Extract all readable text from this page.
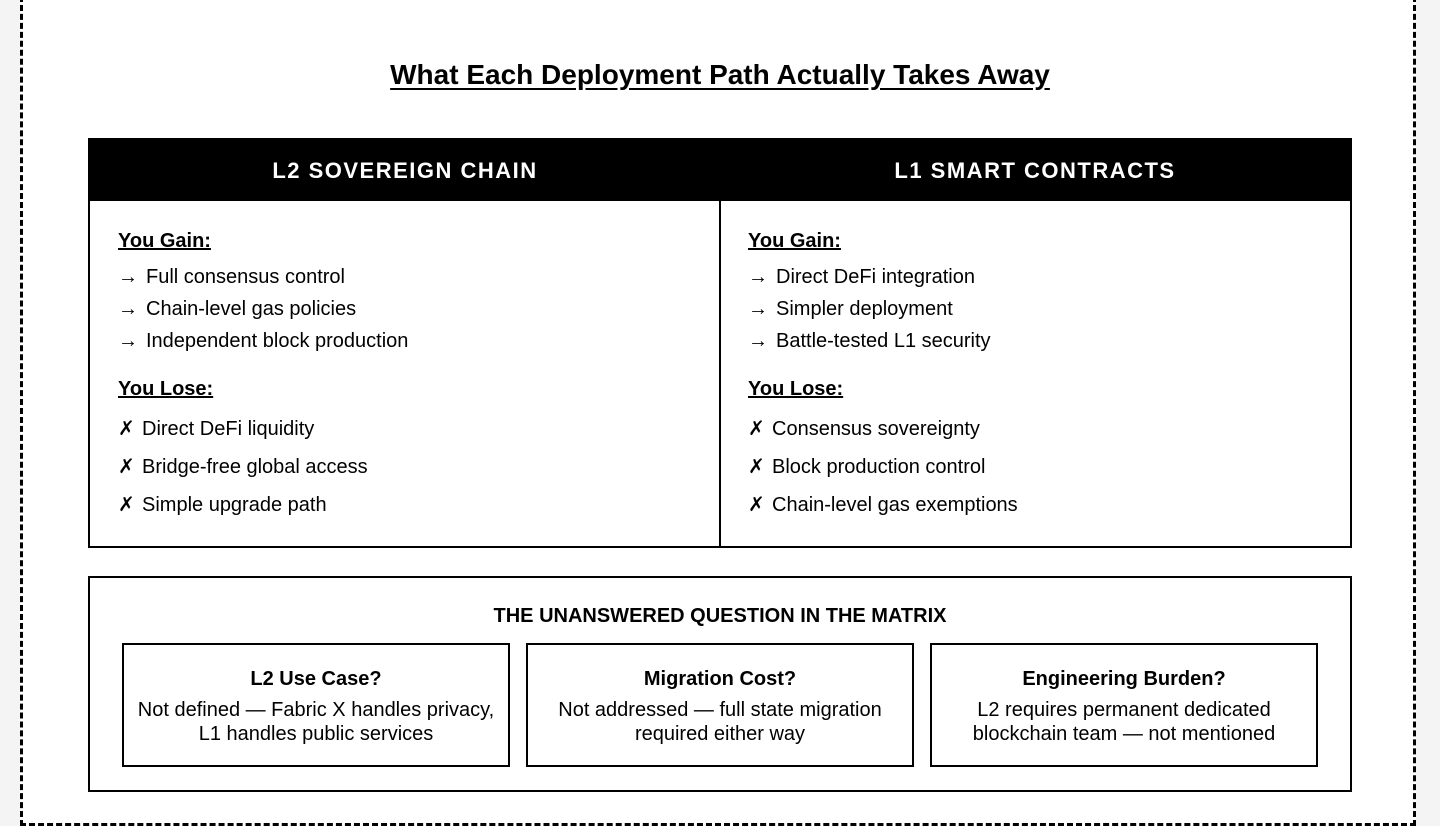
What Each Deployment Path Actually Takes Away
L2 SOVEREIGN CHAIN	L1 SMART CONTRACTS
You Gain:
→ Full consensus control
→ Chain-level gas policies
→ Independent block production
You Lose:
✗ Direct DeFi liquidity
✗ Bridge-free global access
✗ Simple upgrade path
You Gain:
→ Direct DeFi integration
→ Simpler deployment
→ Battle-tested L1 security
You Lose:
✗ Consensus sovereignty
✗ Block production control
✗ Chain-level gas exemptions
THE UNANSWERED QUESTION IN THE MATRIX
L2 Use Case?
Not defined — Fabric X handles privacy, L1 handles public services
Migration Cost?
Not addressed — full state migration required either way
Engineering Burden?
L2 requires permanent dedicated blockchain team — not mentioned
